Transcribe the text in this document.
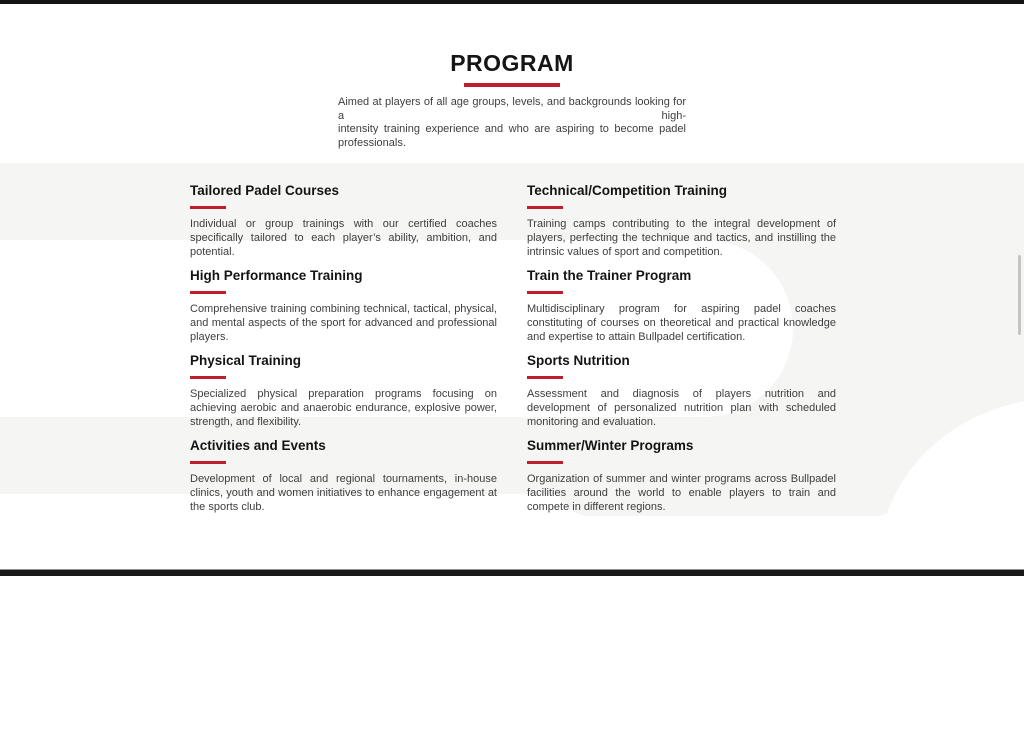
PROGRAM
Aimed at players of all age groups, levels, and backgrounds looking for a high-
intensity training experience and who are aspiring to become padel professionals.
Tailored Padel Courses

Individual or group trainings with our certified coaches specifically tailored to each player’s ability, ambition, and potential.

Technical/Competition Training

Training camps contributing to the integral development of players, perfecting the technique and tactics, and instilling the intrinsic values of sport and competition.

High Performance Training

Comprehensive training combining technical, tactical, physical, and mental aspects of the sport for advanced and professional players.

Train the Trainer Program

Multidisciplinary program for aspiring padel coaches constituting of courses on theoretical and practical knowledge and expertise to attain Bullpadel certification.

Physical Training

Specialized physical preparation programs focusing on achieving aerobic and anaerobic endurance, explosive power, strength, and flexibility.

Sports Nutrition

Assessment and diagnosis of players nutrition and development of personalized nutrition plan with scheduled monitoring and evaluation.

Activities and Events

Development of local and regional tournaments, in-house clinics, youth and women initiatives to enhance engagement at the sports club.

Summer/Winter Programs

Organization of summer and winter programs across Bullpadel facilities around the world to enable players to train and compete in different regions.
